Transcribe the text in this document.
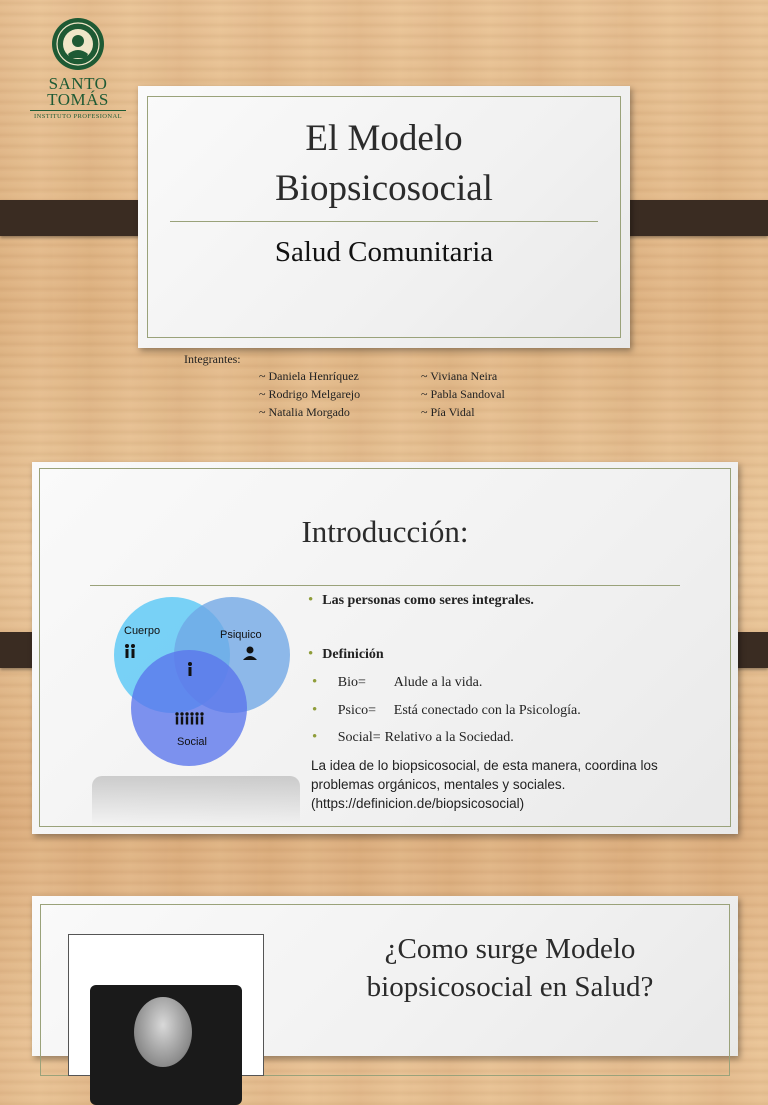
SANTO
TOMÁS
INSTITUTO PROFESIONAL
El Modelo
Biopsicosocial
Salud Comunitaria
Integrantes:
~ Daniela Henríquez
~ Rodrigo Melgarejo
~ Natalia Morgado
~ Viviana Neira
~ Pabla Sandoval
~ Pía Vidal
Introducción:
Cuerpo	Psiquico
Social
• Las personas como seres integrales.
• Definición
• Bio= Alude a la vida.
• Psico= Está conectado con la Psicología.
• Social= Relativo a la Sociedad.
La idea de lo biopsicosocial, de esta manera, coordina los
problemas orgánicos, mentales y sociales.
(https://definicion.de/biopsicosocial)
¿Como surge Modelo
biopsicosocial en Salud?
